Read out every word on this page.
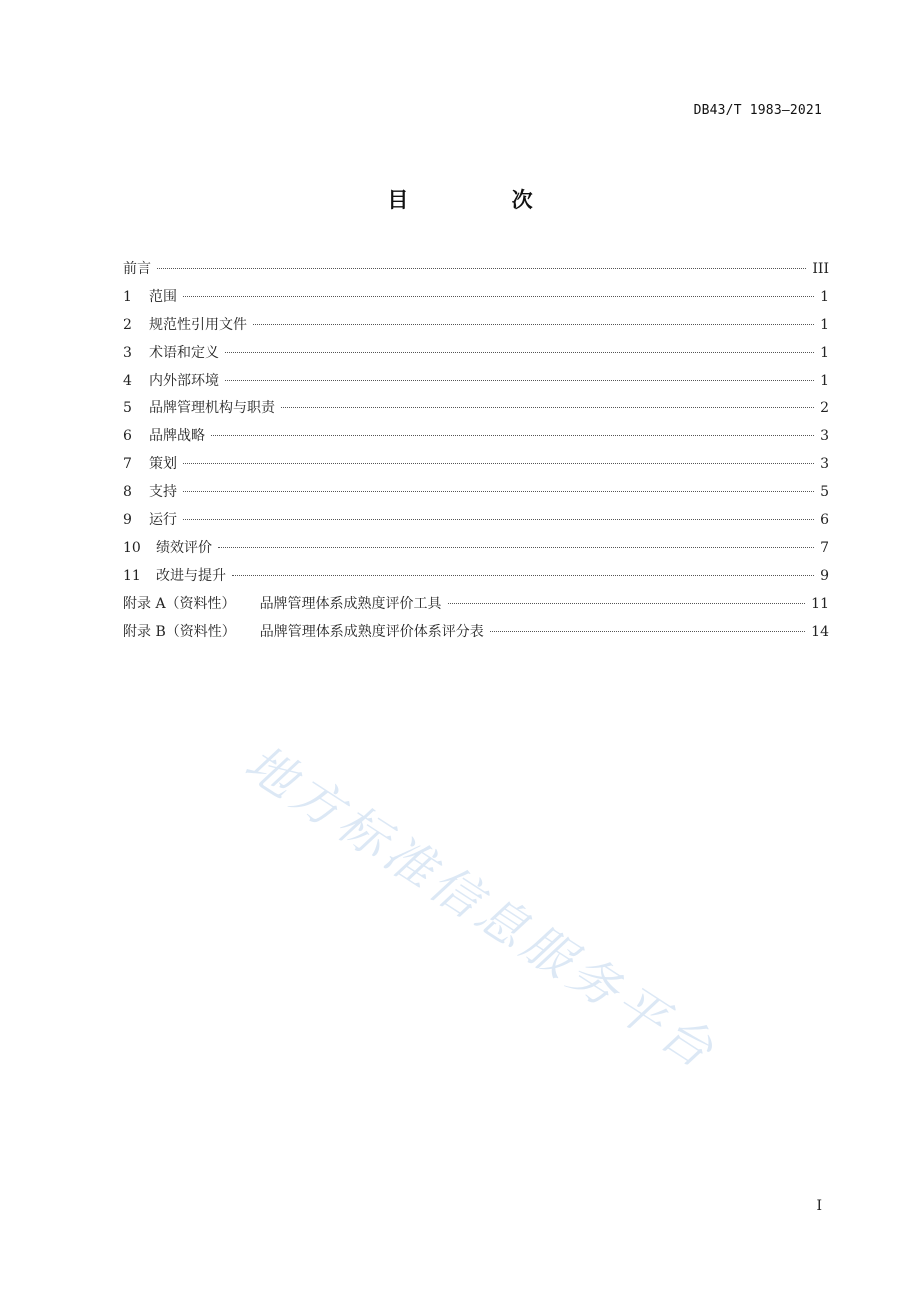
DB43/T 1983—2021
目 次
前言	III
1	范围	1
2	规范性引用文件	1
3	术语和定义	1
4	内外部环境	1
5	品牌管理机构与职责	2
6	品牌战略	3
7	策划	3
8	支持	5
9	运行	6
10	绩效评价	7
11	改进与提升	9
附录 A（资料性） 品牌管理体系成熟度评价工具	11
附录 B（资料性） 品牌管理体系成熟度评价体系评分表	14
地方标准信息服务平台
I
